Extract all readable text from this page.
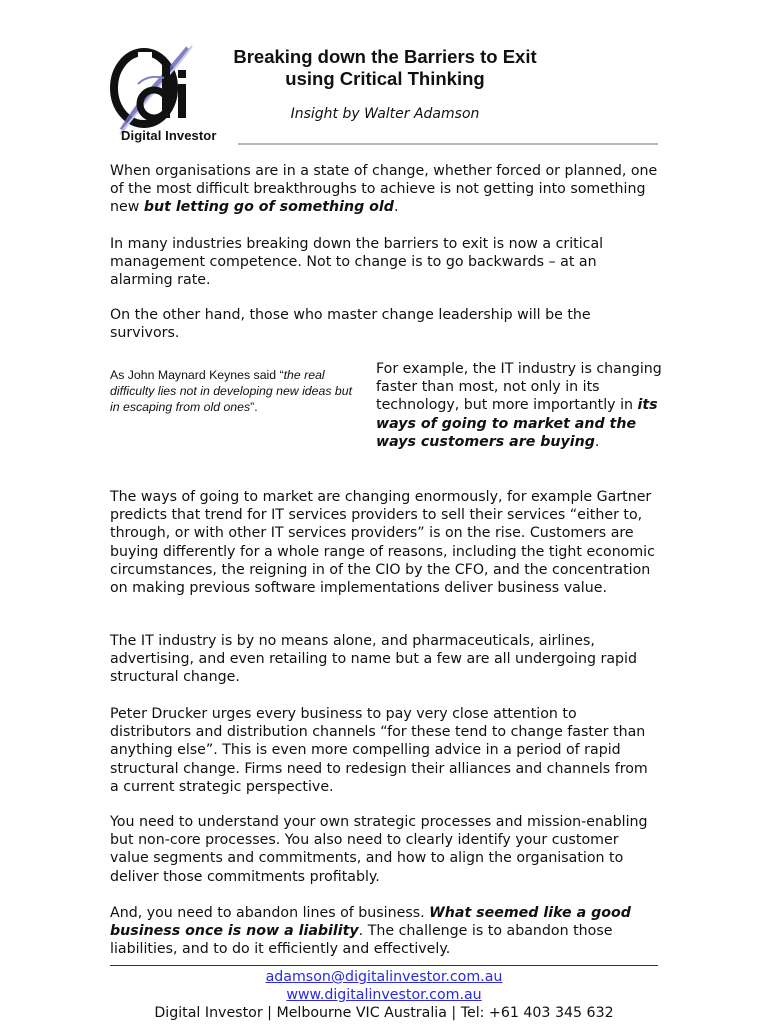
Digital Investor
Breaking down the Barriers to Exit
using Critical Thinking
Insight by Walter Adamson

When organisations are in a state of change, whether forced or planned, one of the most difficult breakthroughs to achieve is not getting into something new but letting go of something old.

In many industries breaking down the barriers to exit is now a critical management competence. Not to change is to go backwards – at an alarming rate.

On the other hand, those who master change leadership will be the survivors.

As John Maynard Keynes said “the real difficulty lies not in developing new ideas but in escaping from old ones”.

For example, the IT industry is changing faster than most, not only in its technology, but more importantly in its ways of going to market and the ways customers are buying.

The ways of going to market are changing enormously, for example Gartner predicts that trend for IT services providers to sell their services “either to, through, or with other IT services providers” is on the rise. Customers are buying differently for a whole range of reasons, including the tight economic circumstances, the reigning in of the CIO by the CFO, and the concentration on making previous software implementations deliver business value.

The IT industry is by no means alone, and pharmaceuticals, airlines, advertising, and even retailing to name but a few are all undergoing rapid structural change.

Peter Drucker urges every business to pay very close attention to distributors and distribution channels “for these tend to change faster than anything else”. This is even more compelling advice in a period of rapid structural change. Firms need to redesign their alliances and channels from a current strategic perspective.

You need to understand your own strategic processes and mission-enabling but non-core processes. You also need to clearly identify your customer value segments and commitments, and how to align the organisation to deliver those commitments profitably.

And, you need to abandon lines of business. What seemed like a good business once is now a liability. The challenge is to abandon those liabilities, and to do it efficiently and effectively.

adamson@digitalinvestor.com.au
www.digitalinvestor.com.au
Digital Investor | Melbourne VIC Australia | Tel: +61 403 345 632
